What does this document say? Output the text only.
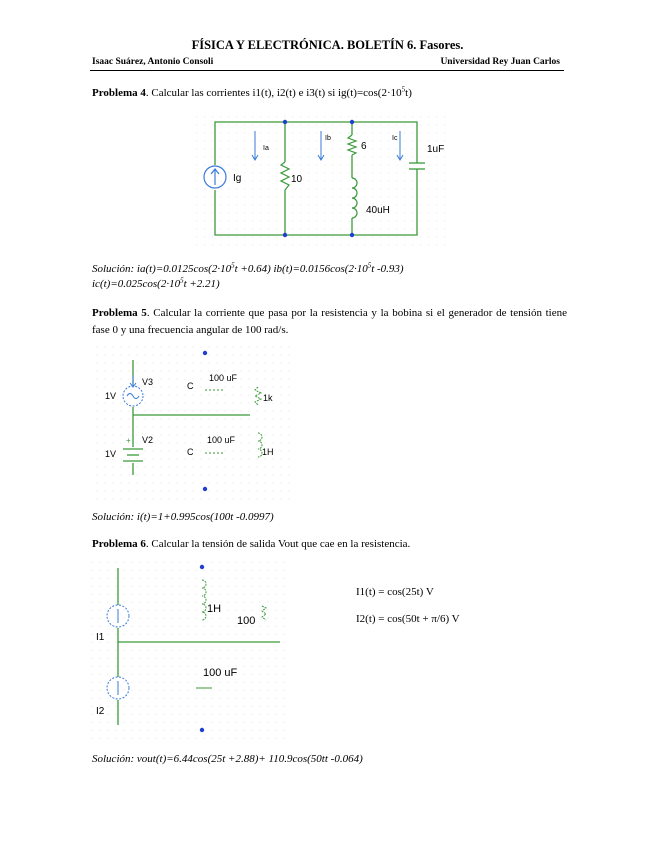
FÍSICA Y ELECTRÓNICA. BOLETÍN 6. Fasores.
Isaac Suárez, Antonio Consoli	Universidad Rey Juan Carlos
Problema 4. Calcular las corrientes i1(t), i2(t) e i3(t) si $ig(t)=\cos(2\cdot 10^5t)$
Ig	10
6
40uH
1uF
Ia
Ib	Ic
Solución: $ia(t)=0.0125\cos(2\cdot 10^5t +0.64)$ $ib(t)=0.0156\cos(2\cdot 10^5t$ -0.93)
$ic(t)=0.025\cos(2\cdot 10^5t +2.21)$
Problema 5. Calcular la corriente que pasa por la resistencia y la bobina si el generador de tensión tiene fase 0 y una frecuencia angular de 100 rad/s.
V3
1V
+ V2
1V
C
100 uF
C
100 uF
1k
1H
Solución: i(t)=1+0.995cos(100t -0.0997)
Problema 6. Calcular la tensión de salida Vout que cae en la resistencia.
I1
I2
1H
100
100 uF
I1(t) = cos(25t) V
I2(t) = cos(50t + π/6) V
Solución: vout(t)=6.44cos(25t +2.88)+ 110.9cos(50tt -0.064)
